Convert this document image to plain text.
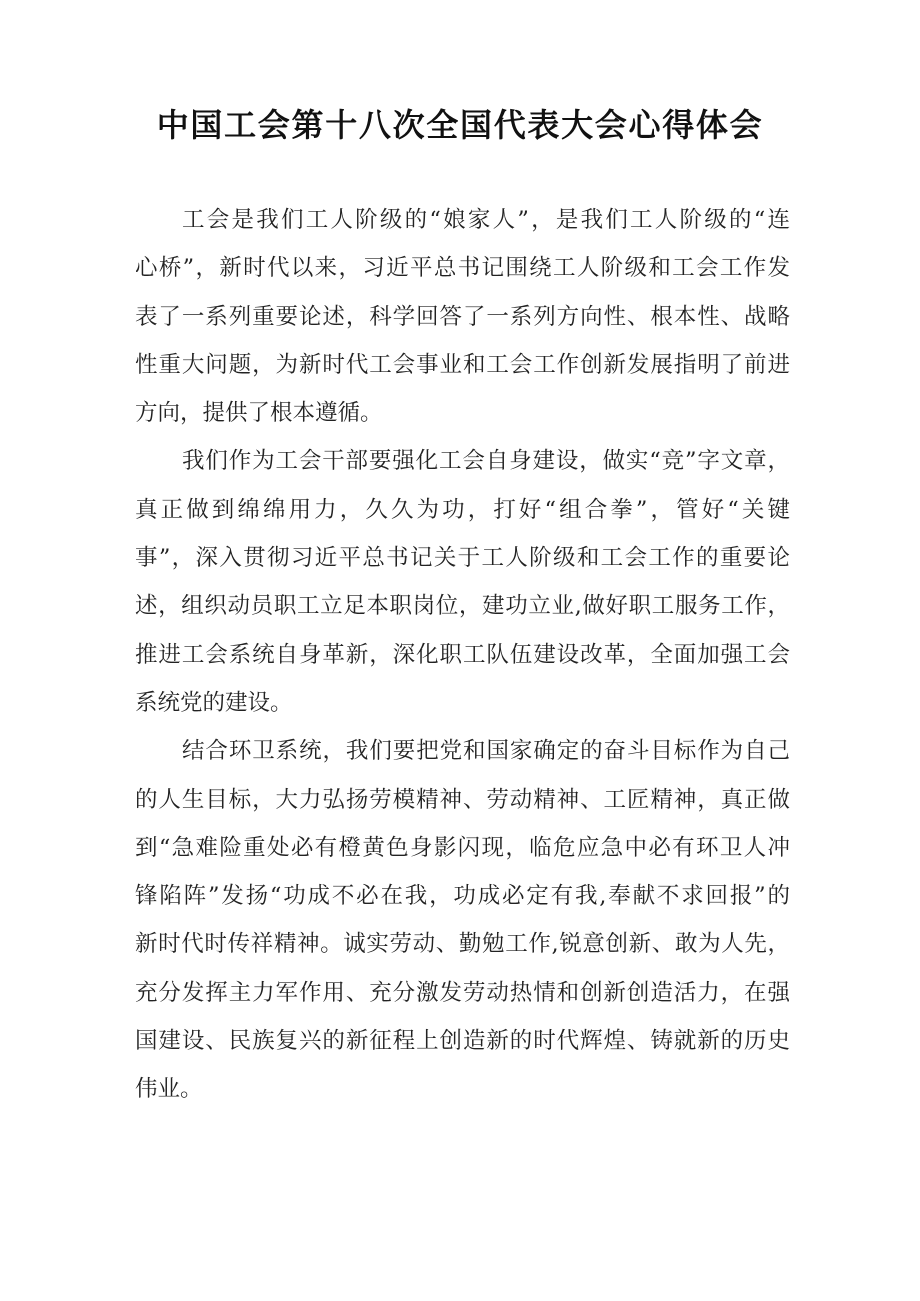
中国工会第十八次全国代表大会心得体会
工会是我们工人阶级的“娘家人”，是我们工人阶级的“连
心桥”，新时代以来，习近平总书记围绕工人阶级和工会工作发
表了一系列重要论述，科学回答了一系列方向性、根本性、战略
性重大问题，为新时代工会事业和工会工作创新发展指明了前进
方向，提供了根本遵循。
我们作为工会干部要强化工会自身建设，做实“竞”字文章，
真正做到绵绵用力，久久为功，打好“组合拳”，管好“关键
事”，深入贯彻习近平总书记关于工人阶级和工会工作的重要论
述，组织动员职工立足本职岗位，建功立业,做好职工服务工作，
推进工会系统自身革新，深化职工队伍建设改革，全面加强工会
系统党的建设。
结合环卫系统，我们要把党和国家确定的奋斗目标作为自己
的人生目标，大力弘扬劳模精神、劳动精神、工匠精神，真正做
到“急难险重处必有橙黄色身影闪现，临危应急中必有环卫人冲
锋陷阵”发扬“功成不必在我，功成必定有我,奉献不求回报”的
新时代时传祥精神。诚实劳动、勤勉工作,锐意创新、敢为人先，
充分发挥主力军作用、充分激发劳动热情和创新创造活力，在强
国建设、民族复兴的新征程上创造新的时代辉煌、铸就新的历史
伟业。
